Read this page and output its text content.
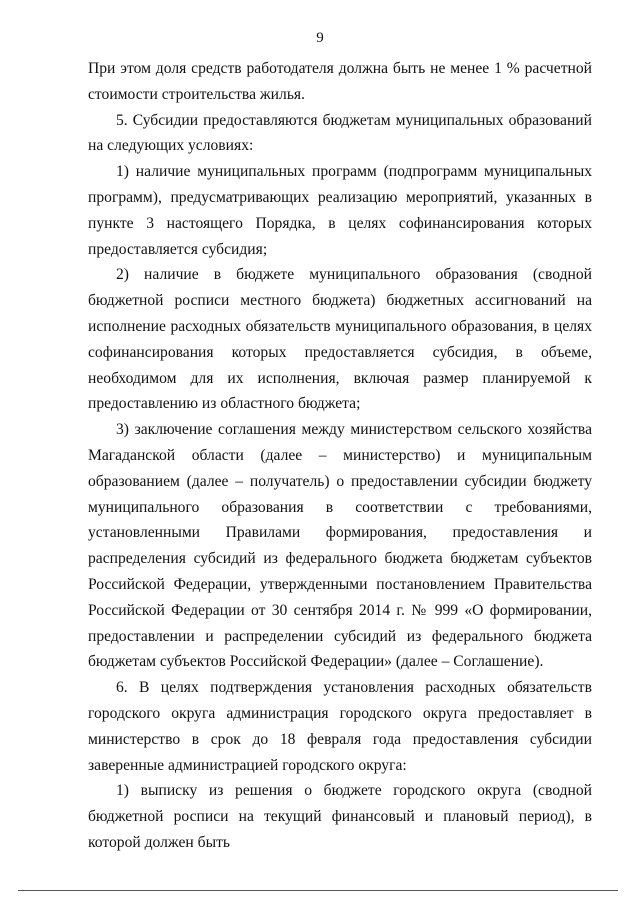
9

При этом доля средств работодателя должна быть не менее 1 % расчетной стоимости строительства жилья.

5. Субсидии предоставляются бюджетам муниципальных образований на следующих условиях:

1) наличие муниципальных программ (подпрограмм муниципальных программ), предусматривающих реализацию мероприятий, указанных в пункте 3 настоящего Порядка, в целях софинансирования которых предоставляется субсидия;

2) наличие в бюджете муниципального образования (сводной бюджетной росписи местного бюджета) бюджетных ассигнований на исполнение расходных обязательств муниципального образования, в целях софинансирования которых предоставляется субсидия, в объеме, необходимом для их исполнения, включая размер планируемой к предоставлению из областного бюджета;

3) заключение соглашения между министерством сельского хозяйства Магаданской области (далее – министерство) и муниципальным образованием (далее – получатель) о предоставлении субсидии бюджету муниципального образования в соответствии с требованиями, установленными Правилами формирования, предоставления и распределения субсидий из федерального бюджета бюджетам субъектов Российской Федерации, утвержденными постановлением Правительства Российской Федерации от 30 сентября 2014 г. № 999 «О формировании, предоставлении и распределении субсидий из федерального бюджета бюджетам субъектов Российской Федерации» (далее – Соглашение).

6. В целях подтверждения установления расходных обязательств городского округа администрация городского округа предоставляет в министерство в срок до 18 февраля года предоставления субсидии заверенные администрацией городского округа:

1) выписку из решения о бюджете городского округа (сводной бюджетной росписи на текущий финансовый и плановый период), в которой должен быть
